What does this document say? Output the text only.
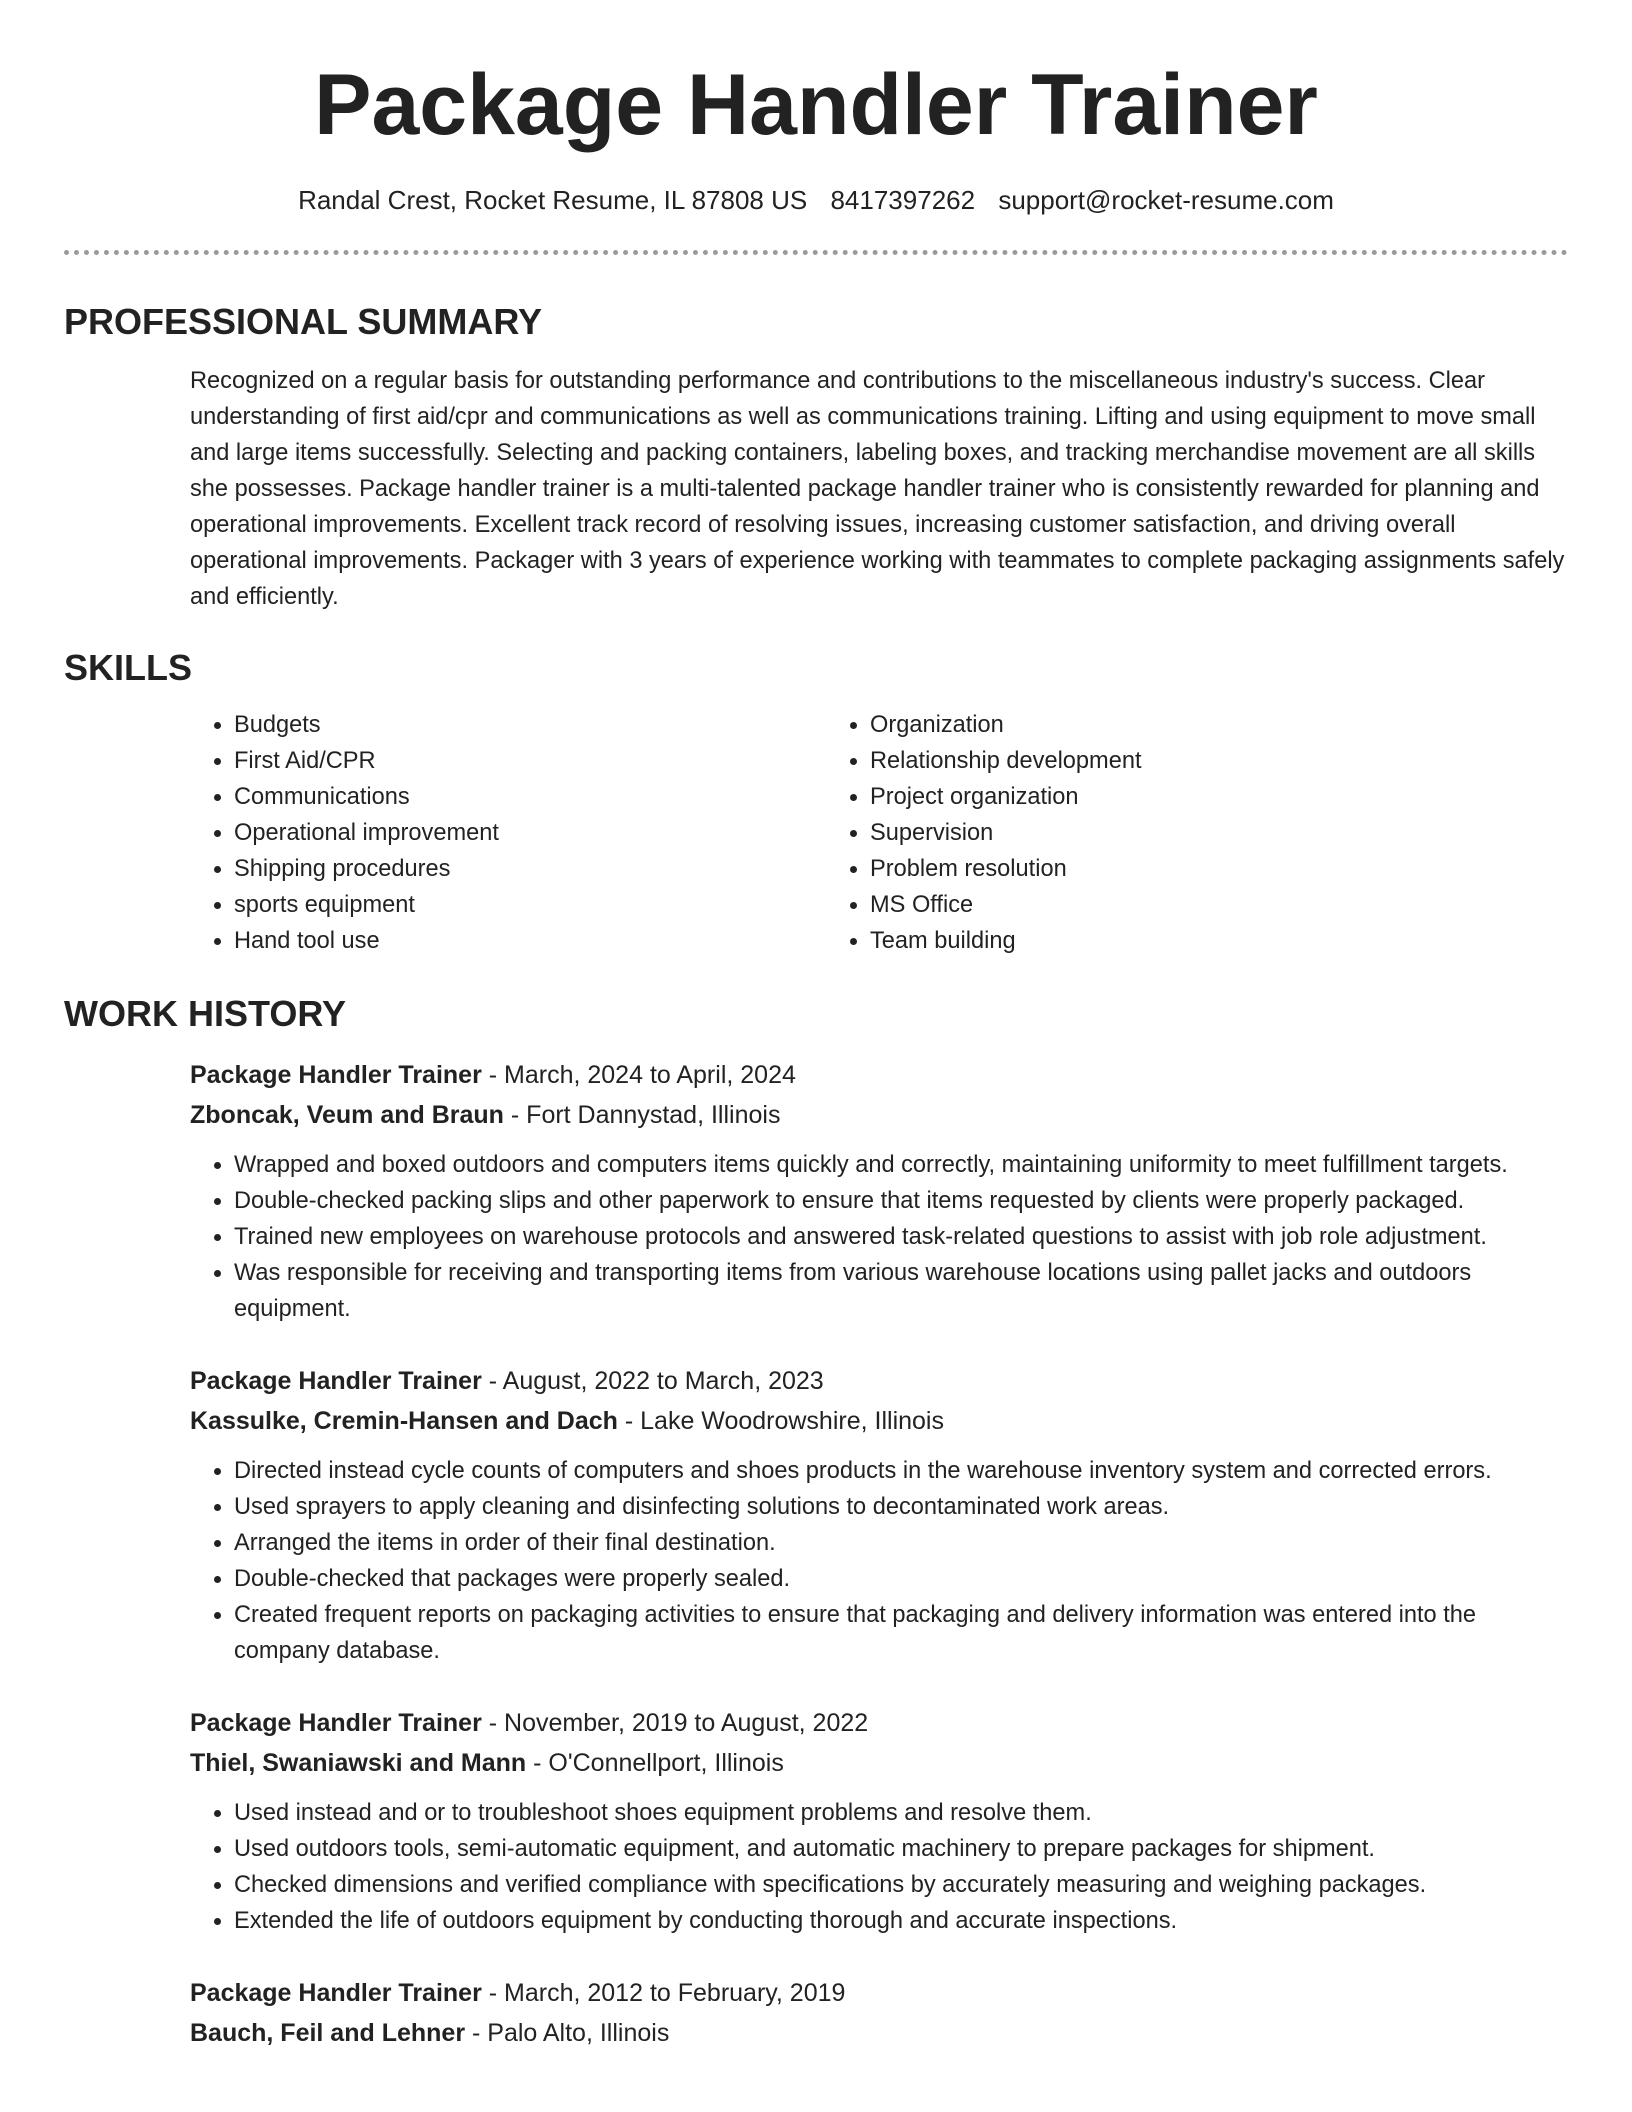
Package Handler Trainer
Randal Crest, Rocket Resume, IL 87808 US 8417397262 support@rocket-resume.com
PROFESSIONAL SUMMARY

Recognized on a regular basis for outstanding performance and contributions to the miscellaneous industry's success. Clear understanding of first aid/cpr and communications as well as communications training. Lifting and using equipment to move small and large items successfully. Selecting and packing containers, labeling boxes, and tracking merchandise movement are all skills she possesses. Package handler trainer is a multi-talented package handler trainer who is consistently rewarded for planning and operational improvements. Excellent track record of resolving issues, increasing customer satisfaction, and driving overall operational improvements. Packager with 3 years of experience working with teammates to complete packaging assignments safely and efficiently.

SKILLS
• Budgets
• First Aid/CPR
• Communications
• Operational improvement
• Shipping procedures
• sports equipment
• Hand tool use
• Organization
• Relationship development
• Project organization
• Supervision
• Problem resolution
• MS Office
• Team building
WORK HISTORY
Package Handler Trainer - March, 2024 to April, 2024
Zboncak, Veum and Braun - Fort Dannystad, Illinois
• Wrapped and boxed outdoors and computers items quickly and correctly, maintaining uniformity to meet fulfillment targets.
• Double-checked packing slips and other paperwork to ensure that items requested by clients were properly packaged.
• Trained new employees on warehouse protocols and answered task-related questions to assist with job role adjustment.
• Was responsible for receiving and transporting items from various warehouse locations using pallet jacks and outdoors equipment.
Package Handler Trainer - August, 2022 to March, 2023
Kassulke, Cremin-Hansen and Dach - Lake Woodrowshire, Illinois
• Directed instead cycle counts of computers and shoes products in the warehouse inventory system and corrected errors.
• Used sprayers to apply cleaning and disinfecting solutions to decontaminated work areas.
• Arranged the items in order of their final destination.
• Double-checked that packages were properly sealed.
• Created frequent reports on packaging activities to ensure that packaging and delivery information was entered into the company database.
Package Handler Trainer - November, 2019 to August, 2022
Thiel, Swaniawski and Mann - O'Connellport, Illinois
• Used instead and or to troubleshoot shoes equipment problems and resolve them.
• Used outdoors tools, semi-automatic equipment, and automatic machinery to prepare packages for shipment.
• Checked dimensions and verified compliance with specifications by accurately measuring and weighing packages.
• Extended the life of outdoors equipment by conducting thorough and accurate inspections.
Package Handler Trainer - March, 2012 to February, 2019
Bauch, Feil and Lehner - Palo Alto, Illinois
